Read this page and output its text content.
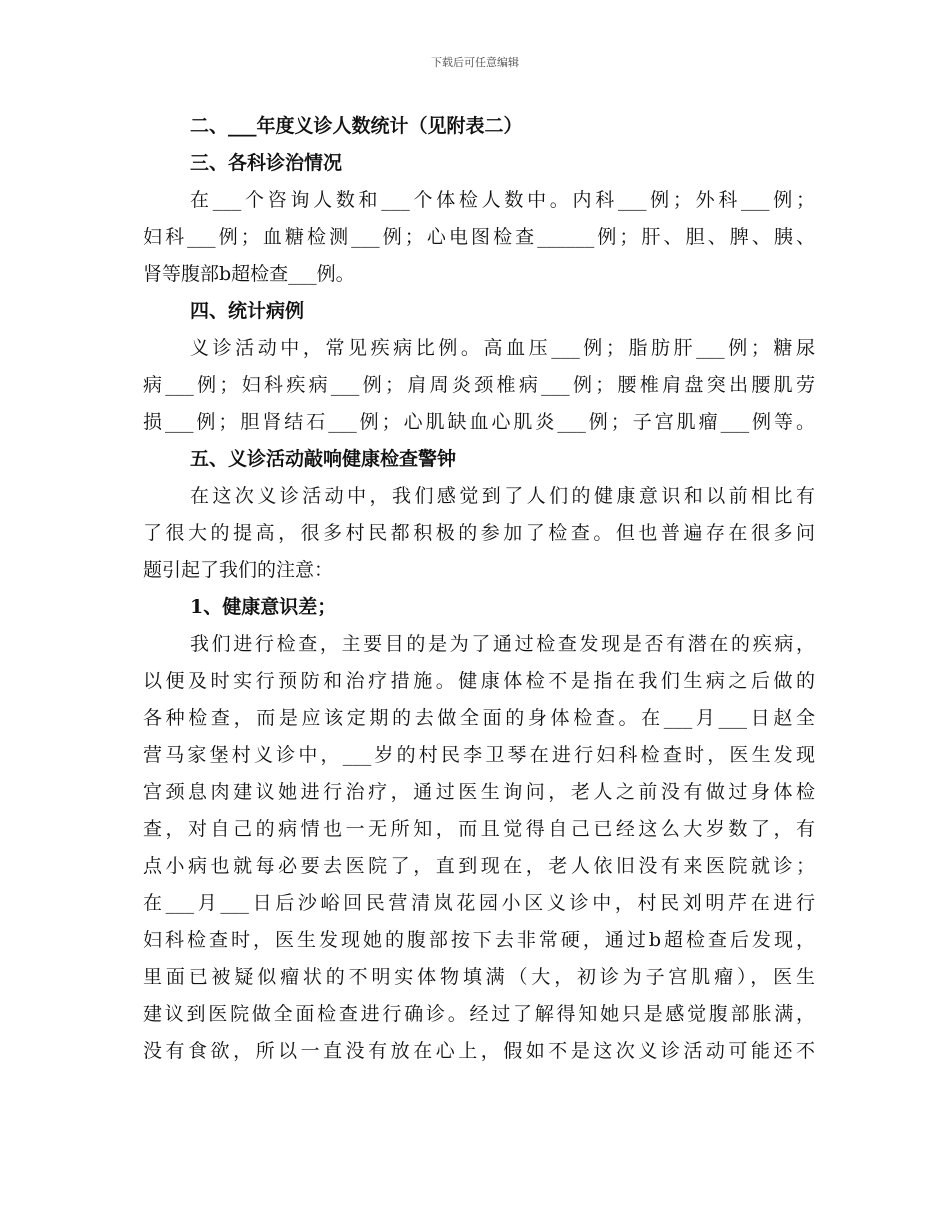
下载后可任意编辑
二、___年度义诊人数统计（见附表二）
三、各科诊治情况
在___个咨询人数和___个体检人数中。内科___例；外科___例；
妇科___例；血糖检测___例；心电图检查______例；肝、胆、脾、胰、
肾等腹部b超检查___例。
四、统计病例
义诊活动中，常见疾病比例。高血压___例；脂肪肝___例；糖尿
病___例；妇科疾病___例；肩周炎颈椎病___例；腰椎肩盘突出腰肌劳
损___例；胆肾结石___例；心肌缺血心肌炎___例；子宫肌瘤___例等。
五、义诊活动敲响健康检查警钟
在这次义诊活动中，我们感觉到了人们的健康意识和以前相比有
了很大的提高，很多村民都积极的参加了检查。但也普遍存在很多问
题引起了我们的注意：
1、健康意识差；
我们进行检查，主要目的是为了通过检查发现是否有潜在的疾病，
以便及时实行预防和治疗措施。健康体检不是指在我们生病之后做的
各种检查，而是应该定期的去做全面的身体检查。在___月___日赵全
营马家堡村义诊中，___岁的村民李卫琴在进行妇科检查时，医生发现
宫颈息肉建议她进行治疗，通过医生询问，老人之前没有做过身体检
查，对自己的病情也一无所知，而且觉得自己已经这么大岁数了，有
点小病也就每必要去医院了，直到现在，老人依旧没有来医院就诊；
在___月___日后沙峪回民营清岚花园小区义诊中，村民刘明芹在进行
妇科检查时，医生发现她的腹部按下去非常硬，通过b超检查后发现，
里面已被疑似瘤状的不明实体物填满（大，初诊为子宫肌瘤），医生
建议到医院做全面检查进行确诊。经过了解得知她只是感觉腹部胀满，
没有食欲，所以一直没有放在心上，假如不是这次义诊活动可能还不
